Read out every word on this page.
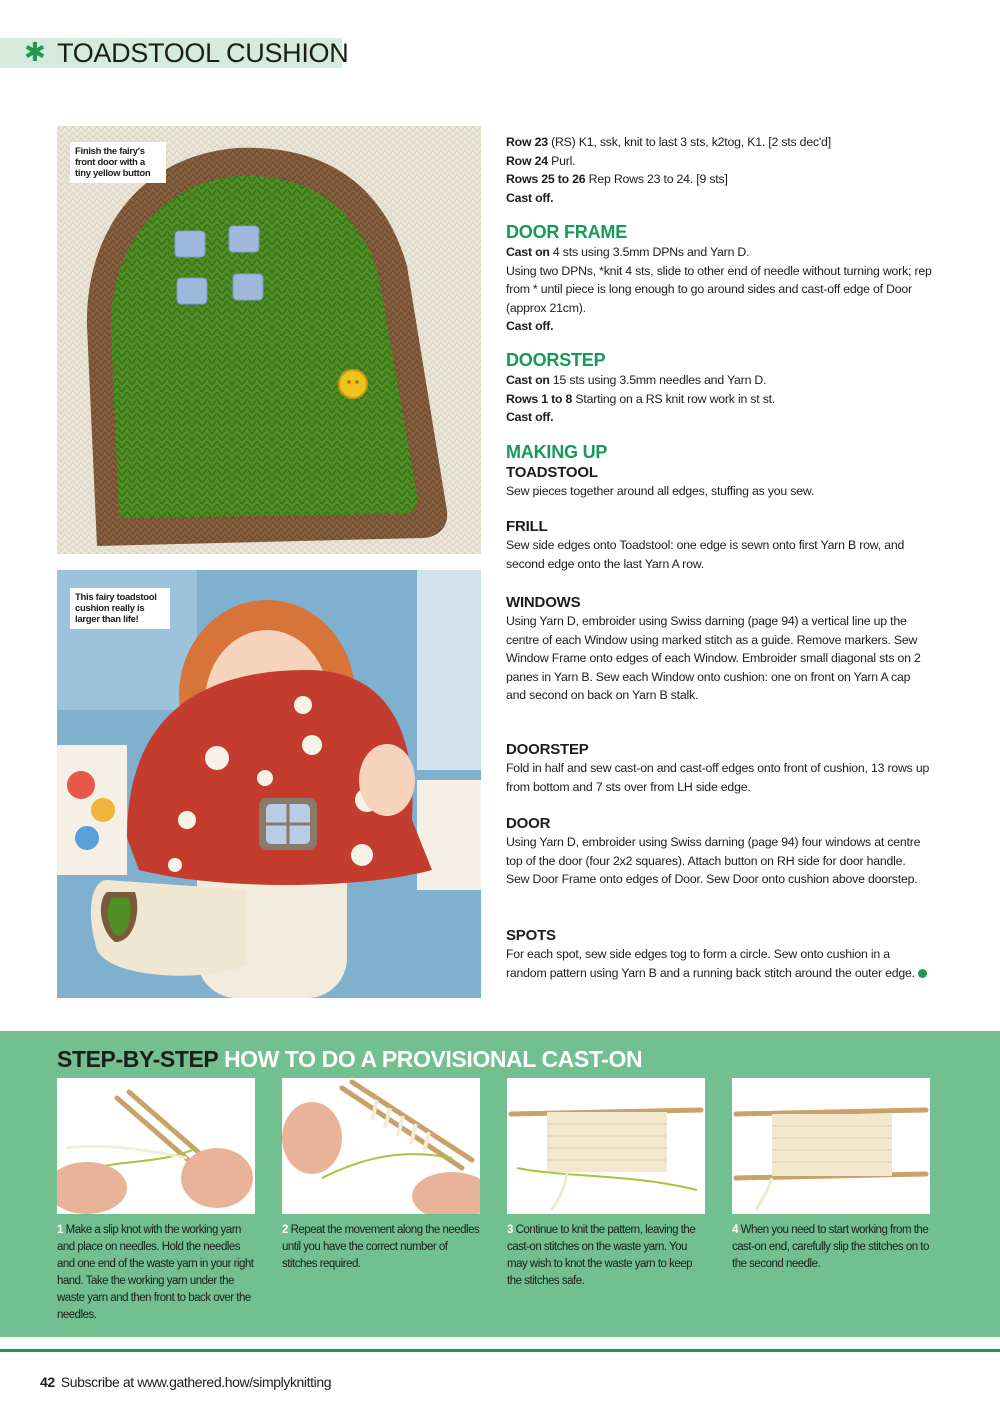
✱ TOADSTOOL CUSHION
Finish the fairy's front door with a tiny yellow button
This fairy toadstool cushion really is larger than life!
Row 23 (RS) K1, ssk, knit to last 3 sts, k2tog, K1. [2 sts dec'd]
Row 24 Purl.
Rows 25 to 26 Rep Rows 23 to 24. [9 sts]
Cast off.
DOOR FRAME
Cast on 4 sts using 3.5mm DPNs and Yarn D.
Using two DPNs, *knit 4 sts, slide to other end of needle without turning work; rep from * until piece is long enough to go around sides and cast-off edge of Door (approx 21cm).
Cast off.
DOORSTEP
Cast on 15 sts using 3.5mm needles and Yarn D.
Rows 1 to 8 Starting on a RS knit row work in st st.
Cast off.
MAKING UP
TOADSTOOL
Sew pieces together around all edges, stuffing as you sew.
FRILL
Sew side edges onto Toadstool: one edge is sewn onto first Yarn B row, and second edge onto the last Yarn A row.
WINDOWS
Using Yarn D, embroider using Swiss darning (page 94) a vertical line up the centre of each Window using marked stitch as a guide. Remove markers. Sew Window Frame onto edges of each Window. Embroider small diagonal sts on 2 panes in Yarn B. Sew each Window onto cushion: one on front on Yarn A cap and second on back on Yarn B stalk.
DOORSTEP
Fold in half and sew cast-on and cast-off edges onto front of cushion, 13 rows up from bottom and 7 sts over from LH side edge.
DOOR
Using Yarn D, embroider using Swiss darning (page 94) four windows at centre top of the door (four 2x2 squares). Attach button on RH side for door handle. Sew Door Frame onto edges of Door. Sew Door onto cushion above doorstep.
SPOTS
For each spot, sew side edges tog to form a circle. Sew onto cushion in a random pattern using Yarn B and a running back stitch around the outer edge.
STEP-BY-STEP HOW TO DO A PROVISIONAL CAST-ON
1 Make a slip knot with the working yarn and place on needles. Hold the needles and one end of the waste yarn in your right hand. Take the working yarn under the waste yarn and then front to back over the needles.
2 Repeat the movement along the needles until you have the correct number of stitches required.
3 Continue to knit the pattern, leaving the cast-on stitches on the waste yarn. You may wish to knot the waste yarn to keep the stitches safe.
4 When you need to start working from the cast-on end, carefully slip the stitches on to the second needle.
42 Subscribe at www.gathered.how/simplyknitting
